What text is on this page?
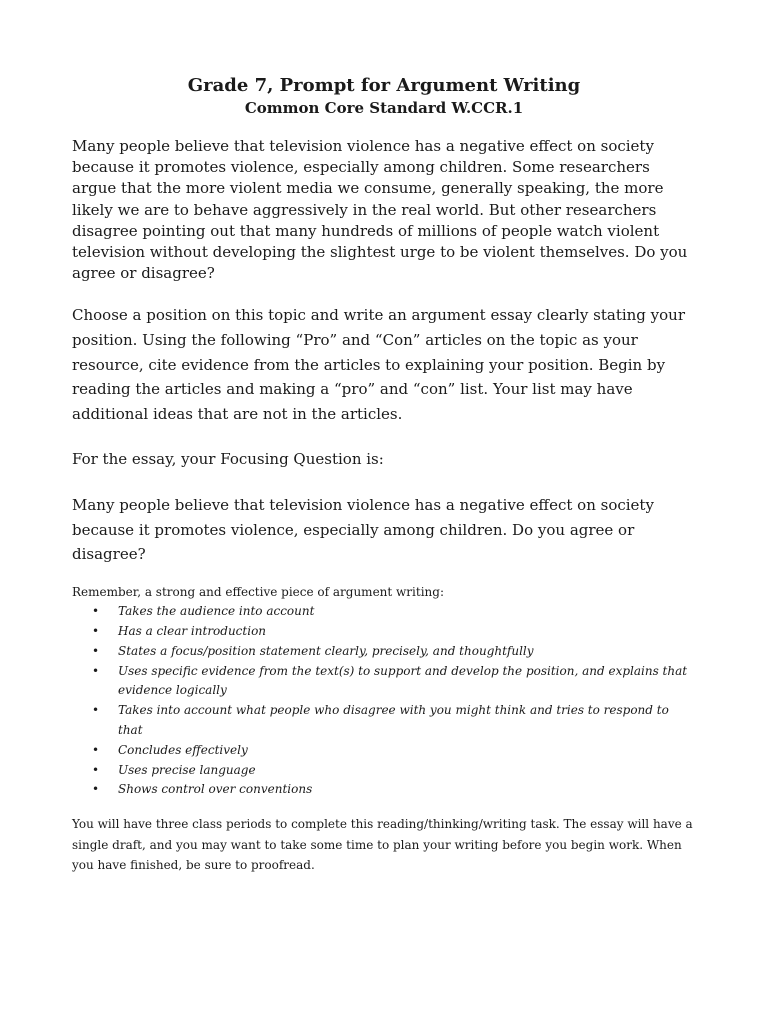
Grade 7, Prompt for Argument Writing
Common Core Standard W.CCR.1

Many people believe that television violence has a negative effect on society because it promotes violence, especially among children. Some researchers argue that the more violent media we consume, generally speaking, the more likely we are to behave aggressively in the real world. But other researchers disagree pointing out that many hundreds of millions of people watch violent television without developing the slightest urge to be violent themselves. Do you agree or disagree?

Choose a position on this topic and write an argument essay clearly stating your position. Using the following “Pro” and “Con” articles on the topic as your resource, cite evidence from the articles to explaining your position. Begin by reading the articles and making a “pro” and “con” list. Your list may have additional ideas that are not in the articles.

For the essay, your Focusing Question is:

Many people believe that television violence has a negative effect on society because it promotes violence, especially among children. Do you agree or disagree?

Remember, a strong and effective piece of argument writing:

• Takes the audience into account
• Has a clear introduction
• States a focus/position statement clearly, precisely, and thoughtfully
• Uses specific evidence from the text(s) to support and develop the position, and explains that evidence logically
• Takes into account what people who disagree with you might think and tries to respond to that
• Concludes effectively
• Uses precise language
• Shows control over conventions

You will have three class periods to complete this reading/thinking/writing task. The essay will have a single draft, and you may want to take some time to plan your writing before you begin work. When you have finished, be sure to proofread.
